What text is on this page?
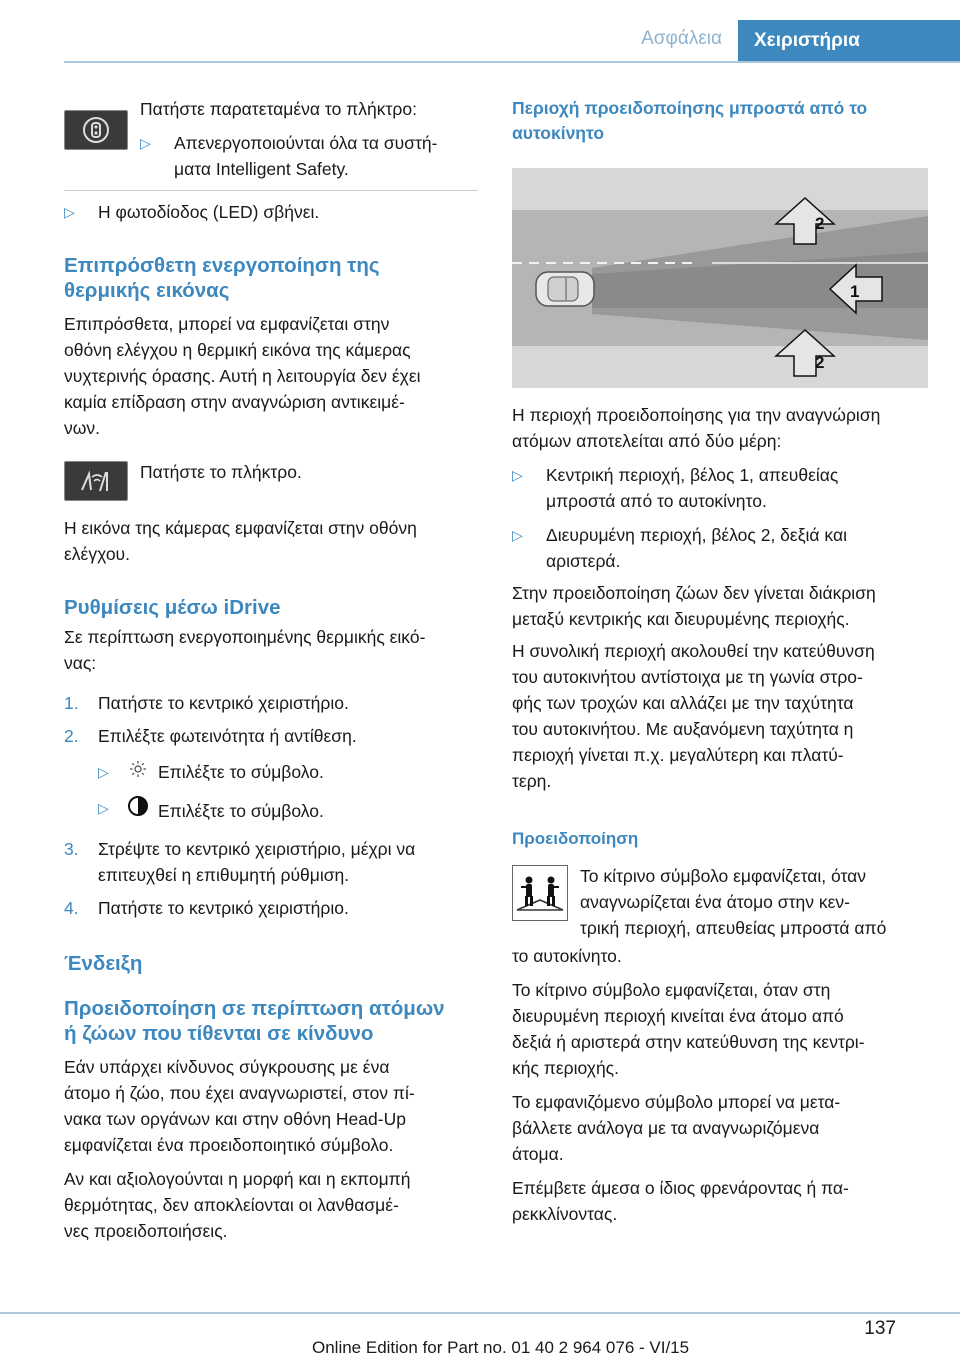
Ασφάλεια	Χειριστήρια

Πατήστε παρατεταμένα το πλήκτρο:

▷ Απενεργοποιούνται όλα τα συστή-
ματα Intelligent Safety.

▷ Η φωτοδίοδος (LED) σβήνει.

Επιπρόσθετη ενεργοποίηση της
θερμικής εικόνας

Επιπρόσθετα, μπορεί να εμφανίζεται στην
οθόνη ελέγχου η θερμική εικόνα της κάμερας
νυχτερινής όρασης. Αυτή η λειτουργία δεν έχει
καμία επίδραση στην αναγνώριση αντικειμέ-
νων.

Πατήστε το πλήκτρο.

Η εικόνα της κάμερας εμφανίζεται στην οθόνη
ελέγχου.

Ρυθμίσεις μέσω iDrive

Σε περίπτωση ενεργοποιημένης θερμικής εικό-
νας:

1. Πατήστε το κεντρικό χειριστήριο.

2. Επιλέξτε φωτεινότητα ή αντίθεση.

▷	Επιλέξτε το σύμβολο.

▷	Επιλέξτε το σύμβολο.

3. Στρέψτε το κεντρικό χειριστήριο, μέχρι να
επιτευχθεί η επιθυμητή ρύθμιση.

4. Πατήστε το κεντρικό χειριστήριο.

Ένδειξη

Προειδοποίηση σε περίπτωση ατόμων
ή ζώων που τίθενται σε κίνδυνο

Εάν υπάρχει κίνδυνος σύγκρουσης με ένα
άτομο ή ζώο, που έχει αναγνωριστεί, στον πί-
νακα των οργάνων και στην οθόνη Head-Up
εμφανίζεται ένα προειδοποιητικό σύμβολο.

Αν και αξιολογούνται η μορφή και η εκπομπή
θερμότητας, δεν αποκλείονται οι λανθασμέ-
νες προειδοποιήσεις.

Περιοχή προειδοποίησης μπροστά από το
αυτοκίνητο

2
1
2

Η περιοχή προειδοποίησης για την αναγνώριση
ατόμων αποτελείται από δύο μέρη:

▷ Κεντρική περιοχή, βέλος 1, απευθείας
μπροστά από το αυτοκίνητο.

▷ Διευρυμένη περιοχή, βέλος 2, δεξιά και
αριστερά.

Στην προειδοποίηση ζώων δεν γίνεται διάκριση
μεταξύ κεντρικής και διευρυμένης περιοχής.

Η συνολική περιοχή ακολουθεί την κατεύθυνση
του αυτοκινήτου αντίστοιχα με τη γωνία στρο-
φής των τροχών και αλλάζει με την ταχύτητα
του αυτοκινήτου. Με αυξανόμενη ταχύτητα η
περιοχή γίνεται π.χ. μεγαλύτερη και πλατύ-
τερη.

Προειδοποίηση

Το κίτρινο σύμβολο εμφανίζεται, όταν
αναγνωρίζεται ένα άτομο στην κεν-
τρική περιοχή, απευθείας μπροστά από

το αυτοκίνητο.

Το κίτρινο σύμβολο εμφανίζεται, όταν στη
διευρυμένη περιοχή κινείται ένα άτομο από
δεξιά ή αριστερά στην κατεύθυνση της κεντρι-
κής περιοχής.

Το εμφανιζόμενο σύμβολο μπορεί να μετα-
βάλλετε ανάλογα με τα αναγνωριζόμενα
άτομα.

Επέμβετε άμεσα ο ίδιος φρενάροντας ή πα-
ρεκκλίνοντας.

137
Online Edition for Part no. 01 40 2 964 076 - VI/15
